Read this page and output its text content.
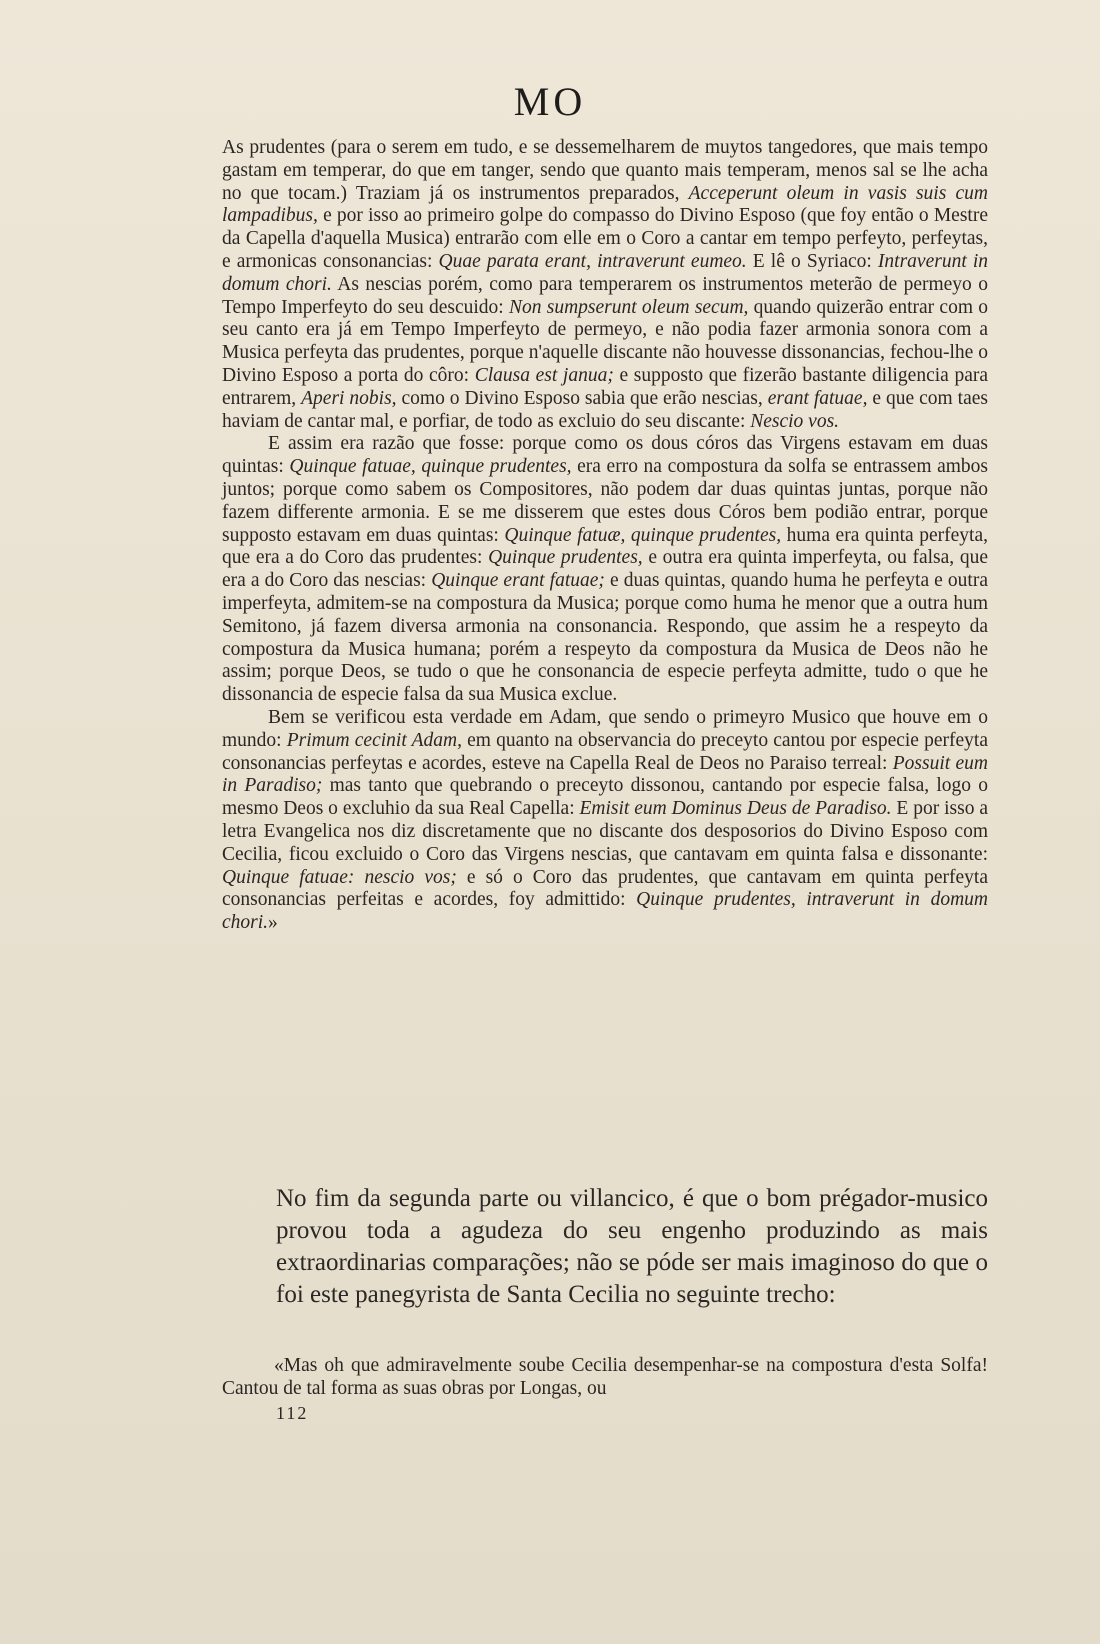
MO

As prudentes (para o serem em tudo, e se dessemelharem de muytos tangedores, que mais tempo gastam em temperar, do que em tanger, sendo que quanto mais temperam, menos sal se lhe acha no que tocam.) Traziam já os instrumentos preparados, Acceperunt oleum in vasis suis cum lampadibus, e por isso ao primeiro golpe do compasso do Divino Esposo (que foy então o Mestre da Capella d'aquella Musica) entrarão com elle em o Coro a cantar em tempo perfeyto, perfeytas, e armonicas consonancias: Quae parata erant, intraverunt eumeo. E lê o Syriaco: Intraverunt in domum chori. As nescias porém, como para temperarem os instrumentos meterão de permeyo o Tempo Imperfeyto do seu descuido: Non sumpserunt oleum secum, quando quizerão entrar com o seu canto era já em Tempo Imperfeyto de permeyo, e não podia fazer armonia sonora com a Musica perfeyta das prudentes, porque n'aquelle discante não houvesse dissonancias, fechou-lhe o Divino Esposo a porta do côro: Clausa est janua; e supposto que fizerão bastante diligencia para entrarem, Aperi nobis, como o Divino Esposo sabia que erão nescias, erant fatuae, e que com taes haviam de cantar mal, e porfiar, de todo as excluio do seu discante: Nescio vos.

E assim era razão que fosse: porque como os dous córos das Virgens estavam em duas quintas: Quinque fatuae, quinque prudentes, era erro na compostura da solfa se entrassem ambos juntos; porque como sabem os Compositores, não podem dar duas quintas juntas, porque não fazem differente armonia. E se me disserem que estes dous Córos bem podião entrar, porque supposto estavam em duas quintas: Quinque fatuæ, quinque prudentes, huma era quinta perfeyta, que era a do Coro das prudentes: Quinque prudentes, e outra era quinta imperfeyta, ou falsa, que era a do Coro das nescias: Quinque erant fatuae; e duas quintas, quando huma he perfeyta e outra imperfeyta, admitem-se na compostura da Musica; porque como huma he menor que a outra hum Semitono, já fazem diversa armonia na consonancia. Respondo, que assim he a respeyto da compostura da Musica humana; porém a respeyto da compostura da Musica de Deos não he assim; porque Deos, se tudo o que he consonancia de especie perfeyta admitte, tudo o que he dissonancia de especie falsa da sua Musica exclue.

Bem se verificou esta verdade em Adam, que sendo o primeyro Musico que houve em o mundo: Primum cecinit Adam, em quanto na observancia do preceyto cantou por especie perfeyta consonancias perfeytas e acordes, esteve na Capella Real de Deos no Paraiso terreal: Possuit eum in Paradiso; mas tanto que quebrando o preceyto dissonou, cantando por especie falsa, logo o mesmo Deos o excluhio da sua Real Capella: Emisit eum Dominus Deus de Paradiso. E por isso a letra Evangelica nos diz discretamente que no discante dos desposorios do Divino Esposo com Cecilia, ficou excluido o Coro das Virgens nescias, que cantavam em quinta falsa e dissonante: Quinque fatuae: nescio vos; e só o Coro das prudentes, que cantavam em quinta perfeyta consonancias perfeitas e acordes, foy admittido: Quinque prudentes, intraverunt in domum chori.»

No fim da segunda parte ou villancico, é que o bom prégador-musico provou toda a agudeza do seu engenho produzindo as mais extraordinarias comparações; não se póde ser mais imaginoso do que o foi este panegyrista de Santa Cecilia no seguinte trecho:

«Mas oh que admiravelmente soube Cecilia desempenhar-se na compostura d'esta Solfa! Cantou de tal forma as suas obras por Longas, ou

112
